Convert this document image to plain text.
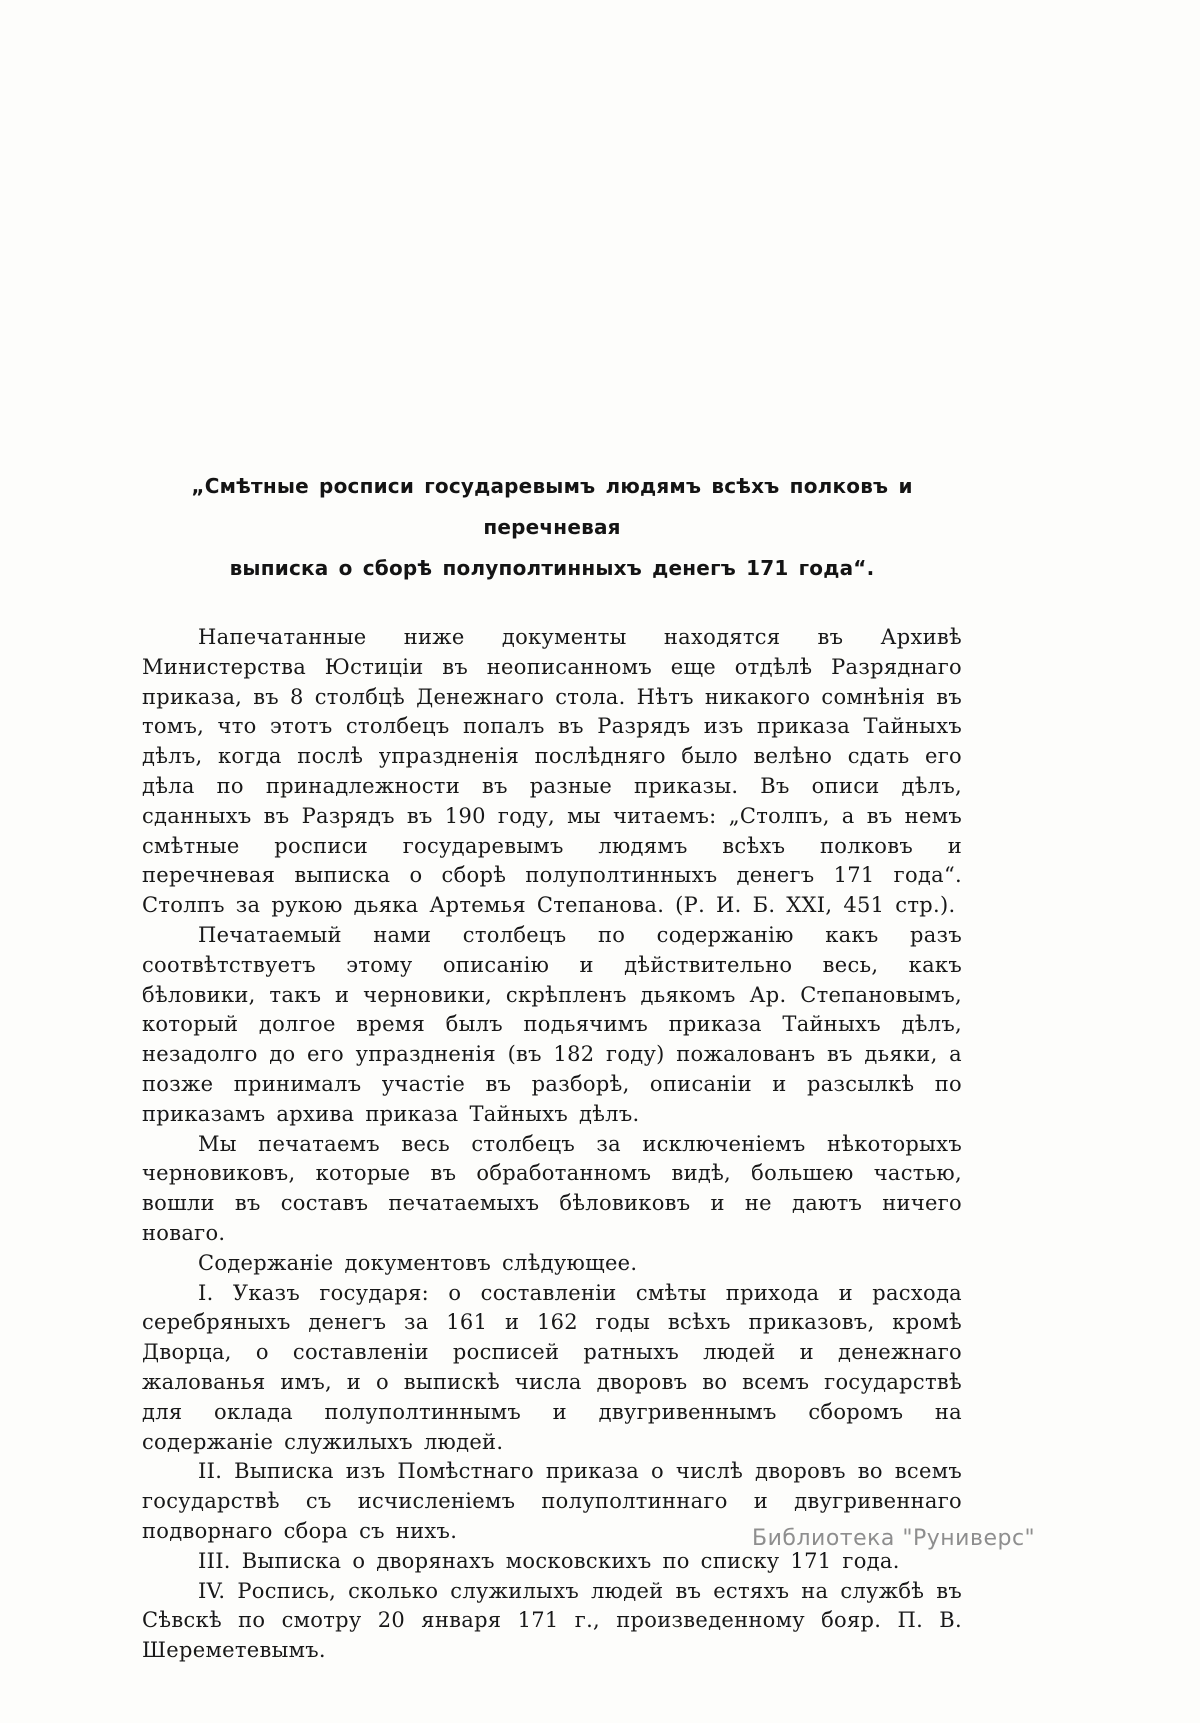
„Смѣтные росписи государевымъ людямъ всѣхъ полковъ и перечневая
выписка о сборѣ полуполтинныхъ денегъ 171 года“.

Напечатанные ниже документы находятся въ Архивѣ Министерства Юстиціи въ неописанномъ еще отдѣлѣ Разряднаго приказа, въ 8 столбцѣ Денежнаго стола. Нѣтъ никакого сомнѣнія въ томъ, что этотъ столбецъ попалъ въ Разрядъ изъ приказа Тайныхъ дѣлъ, когда послѣ упраздненія послѣдняго было велѣно сдать его дѣла по принадлежности въ разные приказы. Въ описи дѣлъ, сданныхъ въ Разрядъ въ 190 году, мы читаемъ: „Столпъ, а въ немъ смѣтные росписи государевымъ людямъ всѣхъ полковъ и перечневая выписка о сборѣ полуполтинныхъ денегъ 171 года“. Столпъ за рукою дьяка Артемья Степанова. (Р. И. Б. XXI, 451 стр.).

Печатаемый нами столбецъ по содержанію какъ разъ соотвѣтствуетъ этому описанію и дѣйствительно весь, какъ бѣловики, такъ и черновики, скрѣпленъ дьякомъ Ар. Степановымъ, который долгое время былъ подьячимъ приказа Тайныхъ дѣлъ, незадолго до его упраздненія (въ 182 году) пожалованъ въ дьяки, а позже принималъ участіе въ разборѣ, описаніи и разсылкѣ по приказамъ архива приказа Тайныхъ дѣлъ.

Мы печатаемъ весь столбецъ за исключеніемъ нѣкоторыхъ черновиковъ, которые въ обработанномъ видѣ, большею частью, вошли въ составъ печатаемыхъ бѣловиковъ и не даютъ ничего новаго.

Содержаніе документовъ слѣдующее.

I. Указъ государя: о составленіи смѣты прихода и расхода серебряныхъ денегъ за 161 и 162 годы всѣхъ приказовъ, кромѣ Дворца, о составленіи росписей ратныхъ людей и денежнаго жалованья имъ, и о выпискѣ числа дворовъ во всемъ государствѣ для оклада полуполтиннымъ и двугривеннымъ сборомъ на содержаніе служилыхъ людей.

II. Выписка изъ Помѣстнаго приказа о числѣ дворовъ во всемъ государствѣ съ исчисленіемъ полуполтиннаго и двугривеннаго подворнаго сбора съ нихъ.

III. Выписка о дворянахъ московскихъ по списку 171 года.

IV. Роспись, сколько служилыхъ людей въ естяхъ на службѣ въ Сѣвскѣ по смотру 20 января 171 г., произведенному бояр. П. В. Шереметевымъ.

Библиотека "Руниверс"
